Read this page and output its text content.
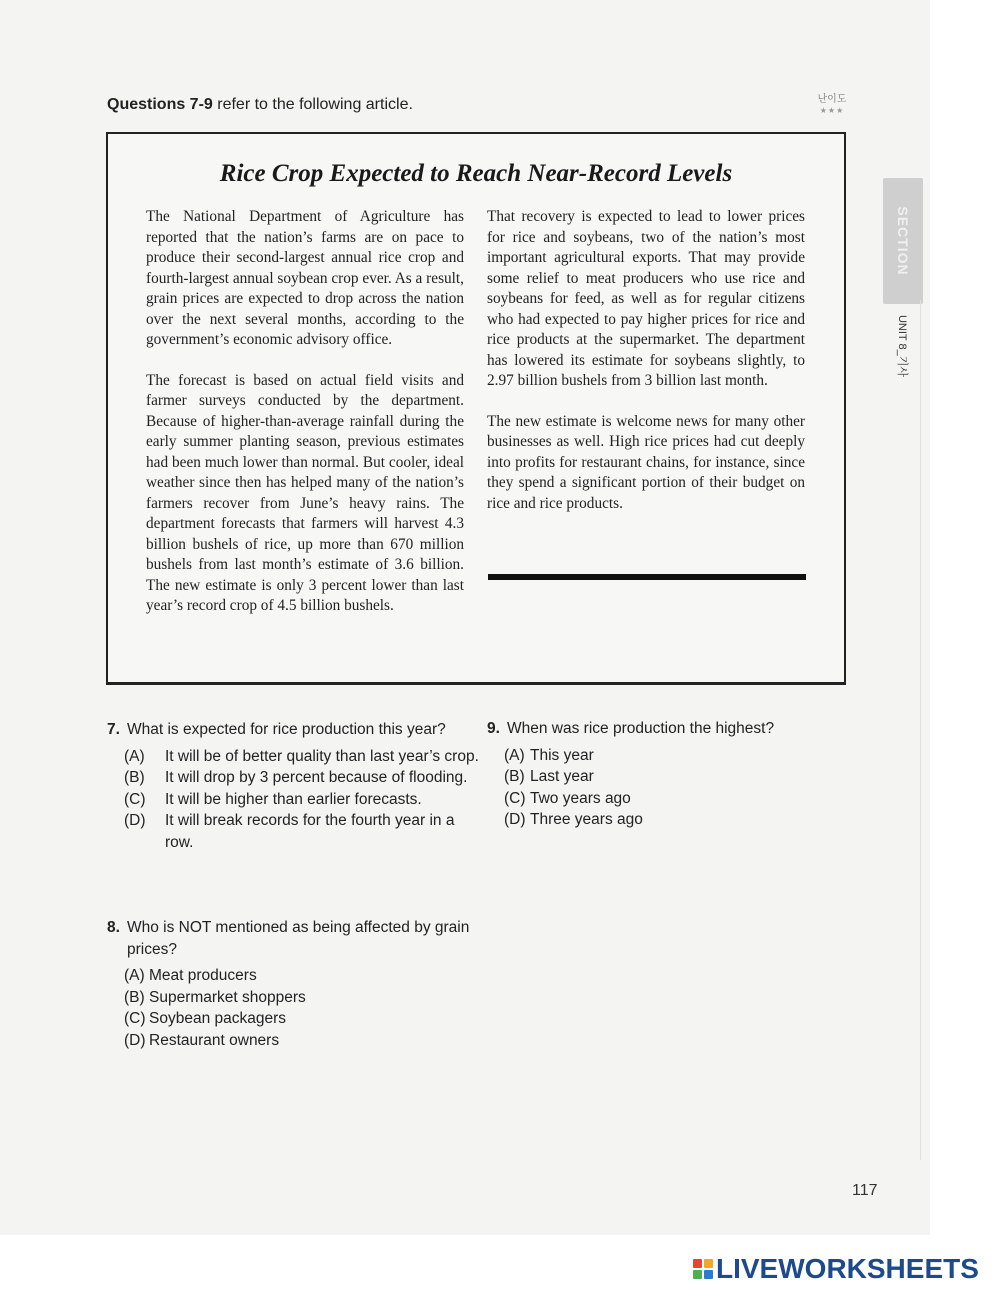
Questions 7-9 refer to the following article.	난이도
★★★
Rice Crop Expected to Reach Near-Record Levels

The National Department of Agriculture has reported that the nation’s farms are on pace to produce their second-largest annual rice crop and fourth-largest annual soybean crop ever. As a result, grain prices are expected to drop across the nation over the next several months, according to the government’s economic advisory office.

The forecast is based on actual field visits and farmer surveys conducted by the department. Because of higher-than-average rainfall during the early summer planting season, previous estimates had been much lower than normal. But cooler, ideal weather since then has helped many of the nation’s farmers recover from June’s heavy rains. The department forecasts that farmers will harvest 4.3 billion bushels of rice, up more than 670 million bushels from last month’s estimate of 3.6 billion. The new estimate is only 3 percent lower than last year’s record crop of 4.5 billion bushels.

That recovery is expected to lead to lower prices for rice and soybeans, two of the nation’s most important agricultural exports. That may provide some relief to meat producers who use rice and soybeans for feed, as well as for regular citizens who had expected to pay higher prices for rice and rice products at the supermarket. The department has lowered its estimate for soybeans slightly, to 2.97 billion bushels from 3 billion last month.

The new estimate is welcome news for many other businesses as well. High rice prices had cut deeply into profits for restaurant chains, for instance, since they spend a significant portion of their budget on rice and rice products.

SECTION
UNIT 8_기사
7. What is expected for rice production this year?
(A) It will be of better quality than last year’s crop.
(B) It will drop by 3 percent because of flooding.
(C) It will be higher than earlier forecasts.
(D) It will break records for the fourth year in a row.
8. Who is NOT mentioned as being affected by grain prices?
(A) Meat producers
(B) Supermarket shoppers
(C) Soybean packagers
(D) Restaurant owners
9. When was rice production the highest?
(A) This year
(B) Last year
(C) Two years ago
(D) Three years ago
117
LIVEWORKSHEETS
